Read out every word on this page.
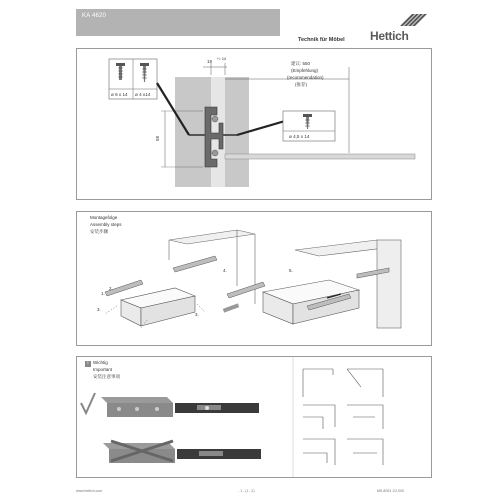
KA 4620
Technik für Möbel Hettich
ø 6 x 14 ø 4 x14
ø 4,5 x 14
19 +/- 0,6
58
建议: 550
(Empfehlung)
(recommendation)
(推荐)
Montagefolge
Assembly steps
安装步骤
1.
2.
3.
3.
4.	5.
! Wichtig
Important
安装注意事项
www.hettich.com	- 1 - (1 - 2)	MS-8003 1/2.000
